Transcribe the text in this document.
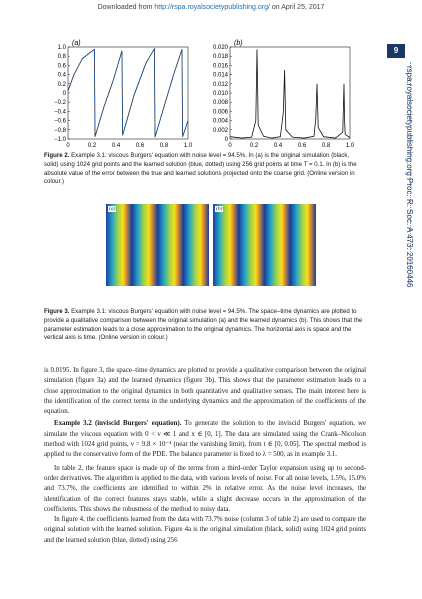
Downloaded from http://rspa.royalsocietypublishing.org/ on April 25, 2017
9
rspa.royalsocietypublishing.org Proc. R. Soc. A 473: 20160446
(a)
1.0
0.8
0.6
0.4
0.2
0
−0.2
−0.4
−0.6
−0.8
−1.0
0	0.2	0.4	0.6	0.8	1.0
(b)
0.020
0.018
0.016
0.014
0.012
0.010
0.008
0.006
0.004
0.002
0
0	0.2	0.4	0.6	0.8	1.0
Figure 2. Example 3.1: viscous Burgers' equation with noise level = 94.5%. In (a) is the original simulation (black, solid) using 1024 grid points and the learned solution (blue, dotted) using 256 grid points at time T = 0.1. In (b) is the absolute value of the error between the true and learned solutions projected onto the coarse grid. (Online version in colour.)
(a)	(b)
Figure 3. Example 3.1: viscous Burgers' equation with noise level = 94.5%. The space–time dynamics are plotted to provide a qualitative comparison between the original simulation (a) and the learned dynamics (b). This shows that the parameter estimation leads to a close approximation to the original dynamics. The horizontal axis is space and the vertical axis is time. (Online version in colour.)

is 0.0195. In figure 3, the space–time dynamics are plotted to provide a qualitative comparison between the original simulation (figure 3a) and the learned dynamics (figure 3b). This shows that the parameter estimation leads to a close approximation to the original dynamics in both quantitative and qualitative senses. The main interest here is the identification of the correct terms in the underlying dynamics and the approximation of the coefficients of the equation.

Example 3.2 (inviscid Burgers' equation). To generate the solution to the inviscid Burgers' equation, we simulate the viscous equation with 0 < ν ≪ 1 and x ∈ [0, 1]. The data are simulated using the Crank–Nicolson method with 1024 grid points, ν = 9.8 × 10⁻⁴ (near the vanishing limit), from t ∈ [0, 0.05]. The spectral method is applied to the conservative form of the PDE. The balance parameter is fixed to λ = 500, as in example 3.1.

In table 2, the feature space is made up of the terms from a third-order Taylor expansion using up to second-order derivatives. The algorithm is applied to the data, with various levels of noise. For all noise levels, 1.5%, 15.0% and 73.7%, the coefficients are identified to within 2% in relative error. As the noise level increases, the identification of the correct features stays stable, while a slight decrease occurs in the approximation of the coefficients. This shows the robustness of the method to noisy data.

In figure 4, the coefficients learned from the data with 73.7% noise (column 3 of table 2) are used to compare the original solution with the learned solution. Figure 4a is the original simulation (black, solid) using 1024 grid points and the learned solution (blue, dotted) using 256
